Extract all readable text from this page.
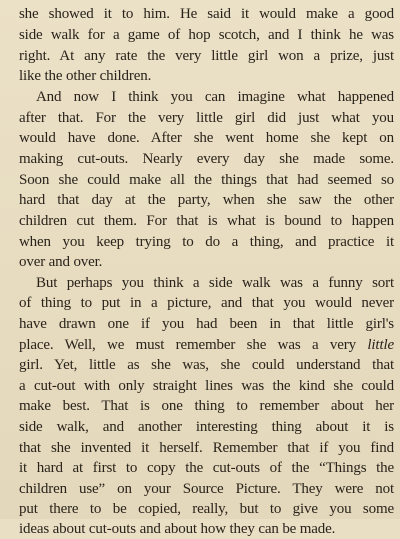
she showed it to him. He said it would make a good
side walk for a game of hop scotch, and I think he was
right. At any rate the very little girl won a prize, just
like the other children.
And now I think you can imagine what happened
after that. For the very little girl did just what you
would have done. After she went home she kept on
making cut-outs. Nearly every day she made some.
Soon she could make all the things that had seemed so
hard that day at the party, when she saw the other
children cut them. For that is what is bound to happen
when you keep trying to do a thing, and practice it
over and over.
But perhaps you think a side walk was a funny sort
of thing to put in a picture, and that you would never
have drawn one if you had been in that little girl's
place. Well, we must remember she was a very little
girl. Yet, little as she was, she could understand that
a cut-out with only straight lines was the kind she could
make best. That is one thing to remember about her
side walk, and another interesting thing about it is
that she invented it herself. Remember that if you find
it hard at first to copy the cut-outs of the “Things the
children use” on your Source Picture. They were not
put there to be copied, really, but to give you some
ideas about cut-outs and about how they can be made.
